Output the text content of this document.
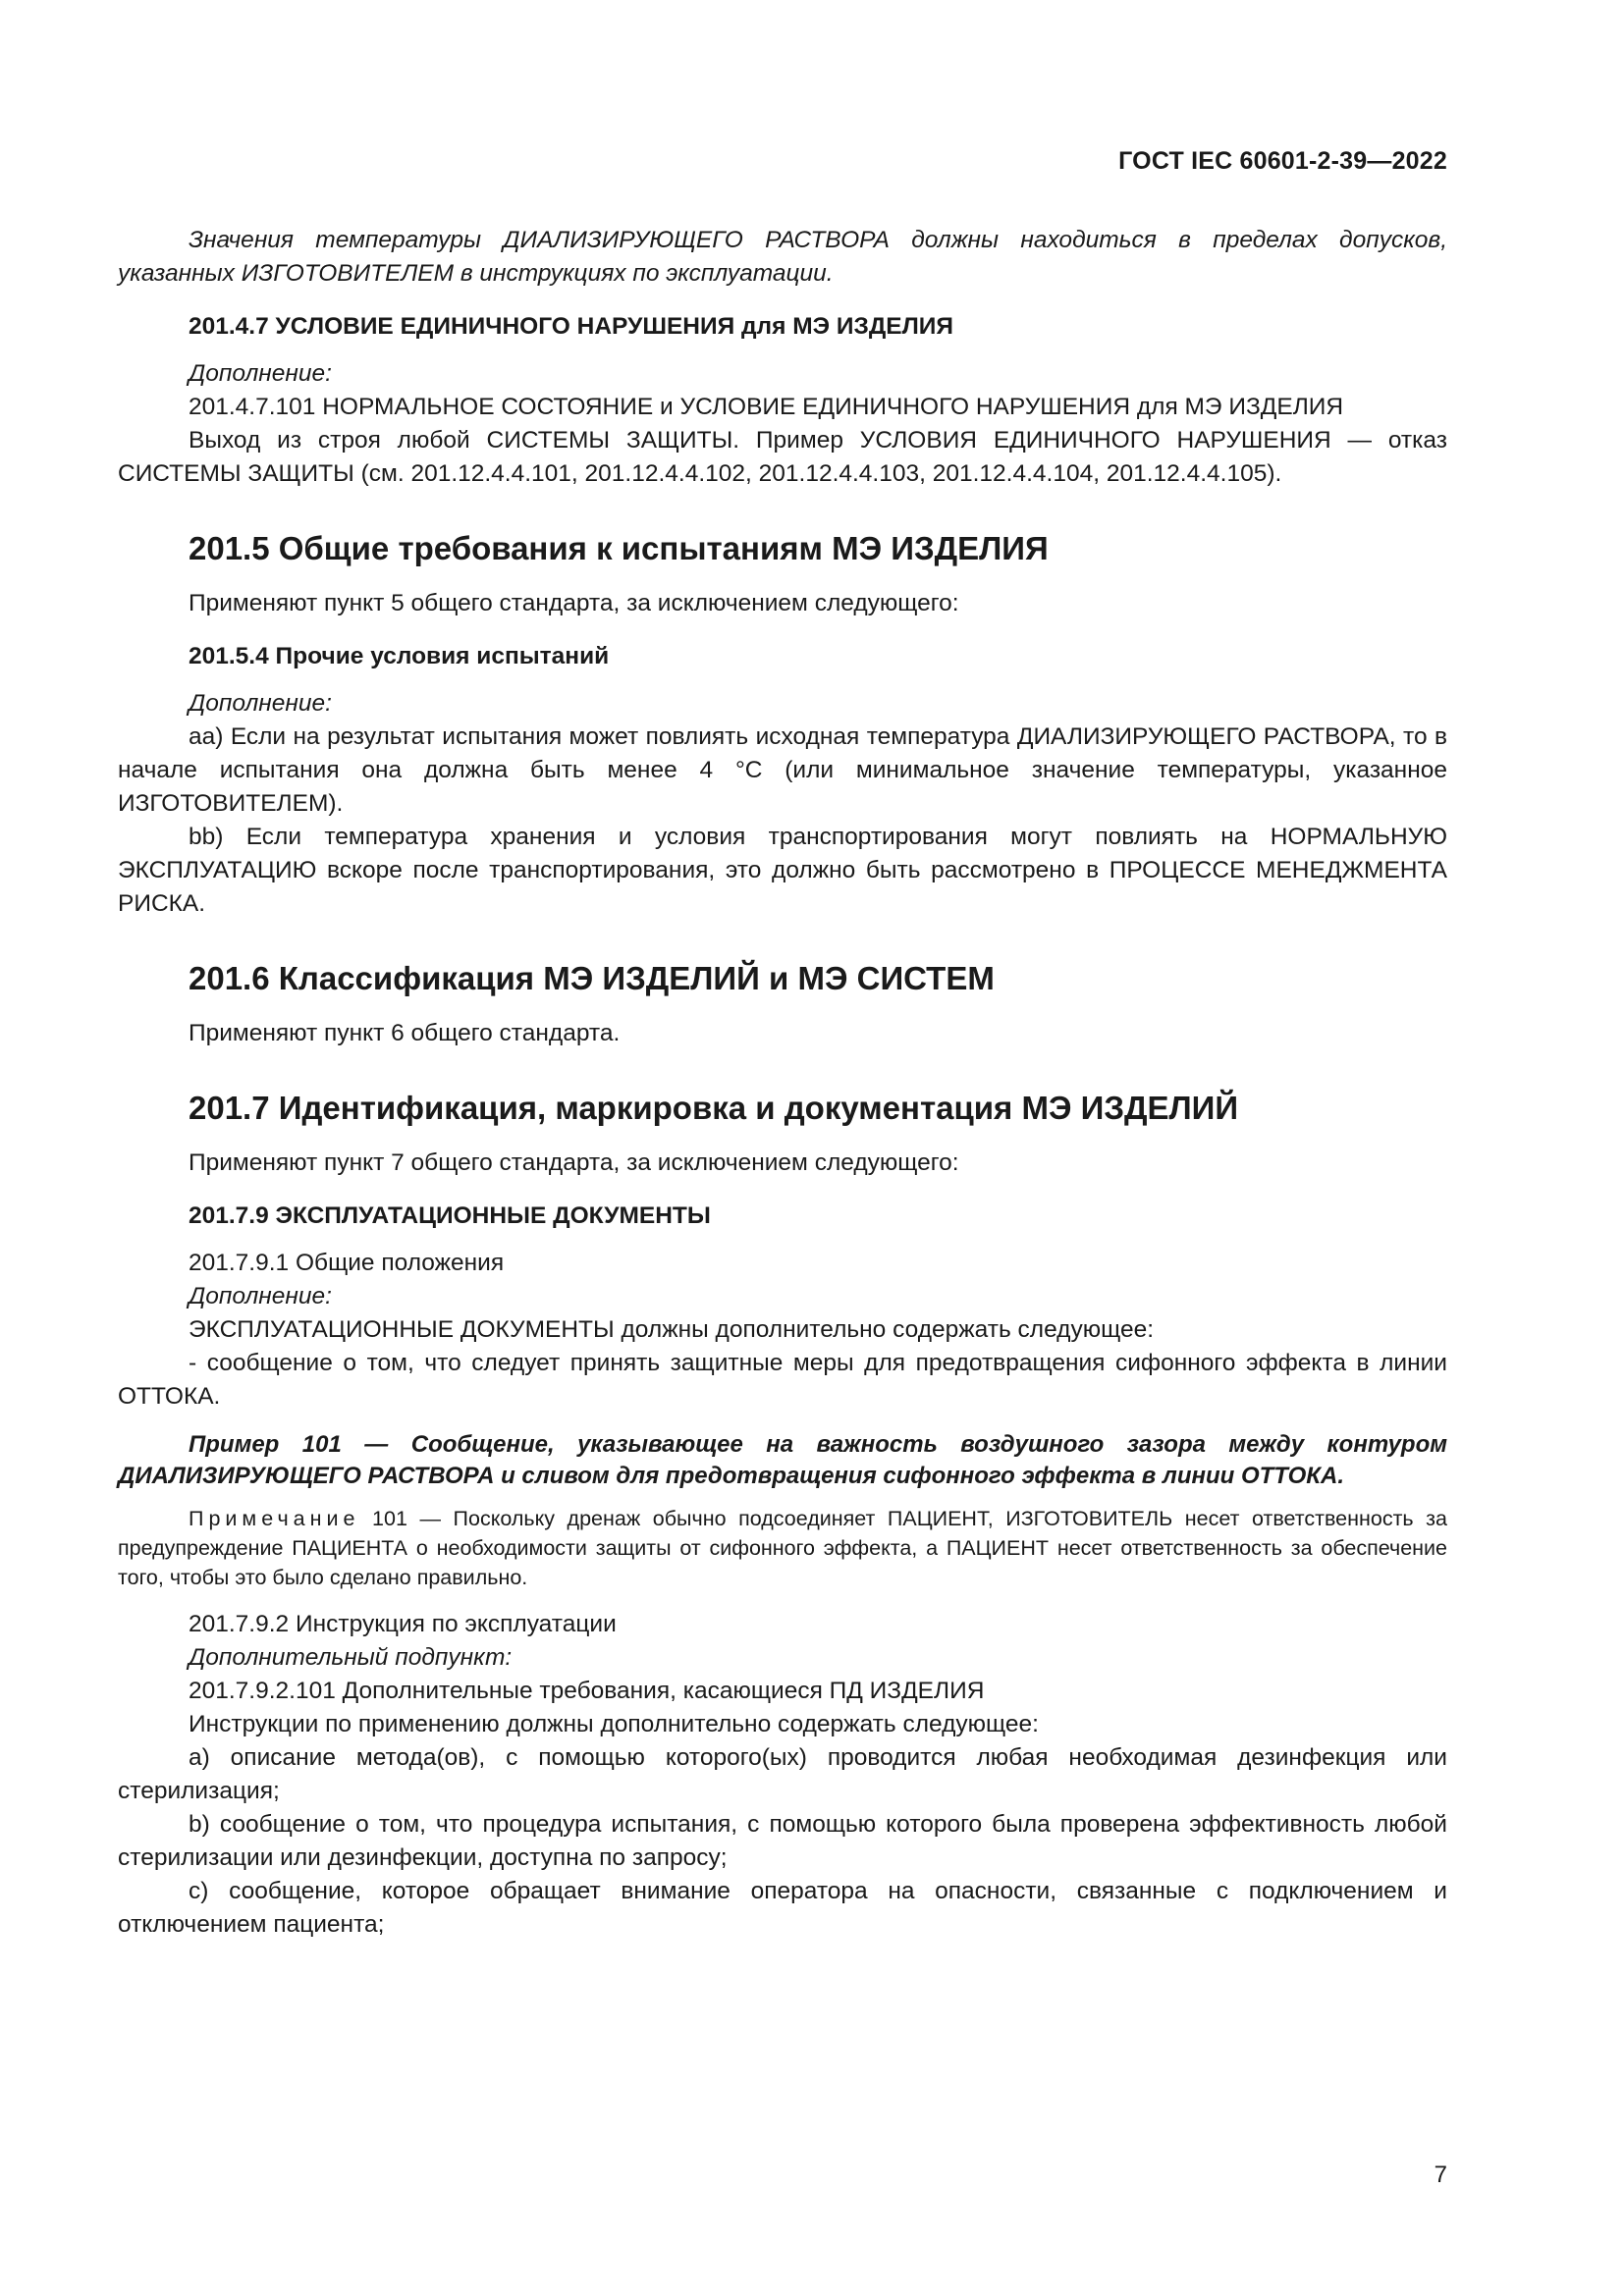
ГОСТ IEC 60601-2-39—2022

Значения температуры ДИАЛИЗИРУЮЩЕГО РАСТВОРА должны находиться в пределах допусков, указанных ИЗГОТОВИТЕЛЕМ в инструкциях по эксплуатации.

201.4.7 УСЛОВИЕ ЕДИНИЧНОГО НАРУШЕНИЯ для МЭ ИЗДЕЛИЯ

Дополнение:

201.4.7.101 НОРМАЛЬНОЕ СОСТОЯНИЕ и УСЛОВИЕ ЕДИНИЧНОГО НАРУШЕНИЯ для МЭ ИЗДЕЛИЯ

Выход из строя любой СИСТЕМЫ ЗАЩИТЫ. Пример УСЛОВИЯ ЕДИНИЧНОГО НАРУШЕНИЯ — отказ СИСТЕМЫ ЗАЩИТЫ (см. 201.12.4.4.101, 201.12.4.4.102, 201.12.4.4.103, 201.12.4.4.104, 201.12.4.4.105).

201.5 Общие требования к испытаниям МЭ ИЗДЕЛИЯ

Применяют пункт 5 общего стандарта, за исключением следующего:

201.5.4 Прочие условия испытаний

Дополнение:

аа) Если на результат испытания может повлиять исходная температура ДИАЛИЗИРУЮЩЕГО РАСТВОРА, то в начале испытания она должна быть менее 4 °С (или минимальное значение температуры, указанное ИЗГОТОВИТЕЛЕМ).

bb) Если температура хранения и условия транспортирования могут повлиять на НОРМАЛЬНУЮ ЭКСПЛУАТАЦИЮ вскоре после транспортирования, это должно быть рассмотрено в ПРОЦЕССЕ МЕНЕДЖМЕНТА РИСКА.

201.6 Классификация МЭ ИЗДЕЛИЙ и МЭ СИСТЕМ

Применяют пункт 6 общего стандарта.

201.7 Идентификация, маркировка и документация МЭ ИЗДЕЛИЙ

Применяют пункт 7 общего стандарта, за исключением следующего:

201.7.9 ЭКСПЛУАТАЦИОННЫЕ ДОКУМЕНТЫ

201.7.9.1 Общие положения

Дополнение:

ЭКСПЛУАТАЦИОННЫЕ ДОКУМЕНТЫ должны дополнительно содержать следующее:

- сообщение о том, что следует принять защитные меры для предотвращения сифонного эффекта в линии ОТТОКА.

Пример 101 — Сообщение, указывающее на важность воздушного зазора между контуром ДИАЛИЗИРУЮЩЕГО РАСТВОРА и сливом для предотвращения сифонного эффекта в линии ОТТОКА.

Примечание 101 — Поскольку дренаж обычно подсоединяет ПАЦИЕНТ, ИЗГОТОВИТЕЛЬ несет ответственность за предупреждение ПАЦИЕНТА о необходимости защиты от сифонного эффекта, а ПАЦИЕНТ несет ответственность за обеспечение того, чтобы это было сделано правильно.

201.7.9.2 Инструкция по эксплуатации

Дополнительный подпункт:

201.7.9.2.101 Дополнительные требования, касающиеся ПД ИЗДЕЛИЯ

Инструкции по применению должны дополнительно содержать следующее:

а) описание метода(ов), с помощью которого(ых) проводится любая необходимая дезинфекция или стерилизация;

b) сообщение о том, что процедура испытания, с помощью которого была проверена эффективность любой стерилизации или дезинфекции, доступна по запросу;

с) сообщение, которое обращает внимание оператора на опасности, связанные с подключением и отключением пациента;

7
